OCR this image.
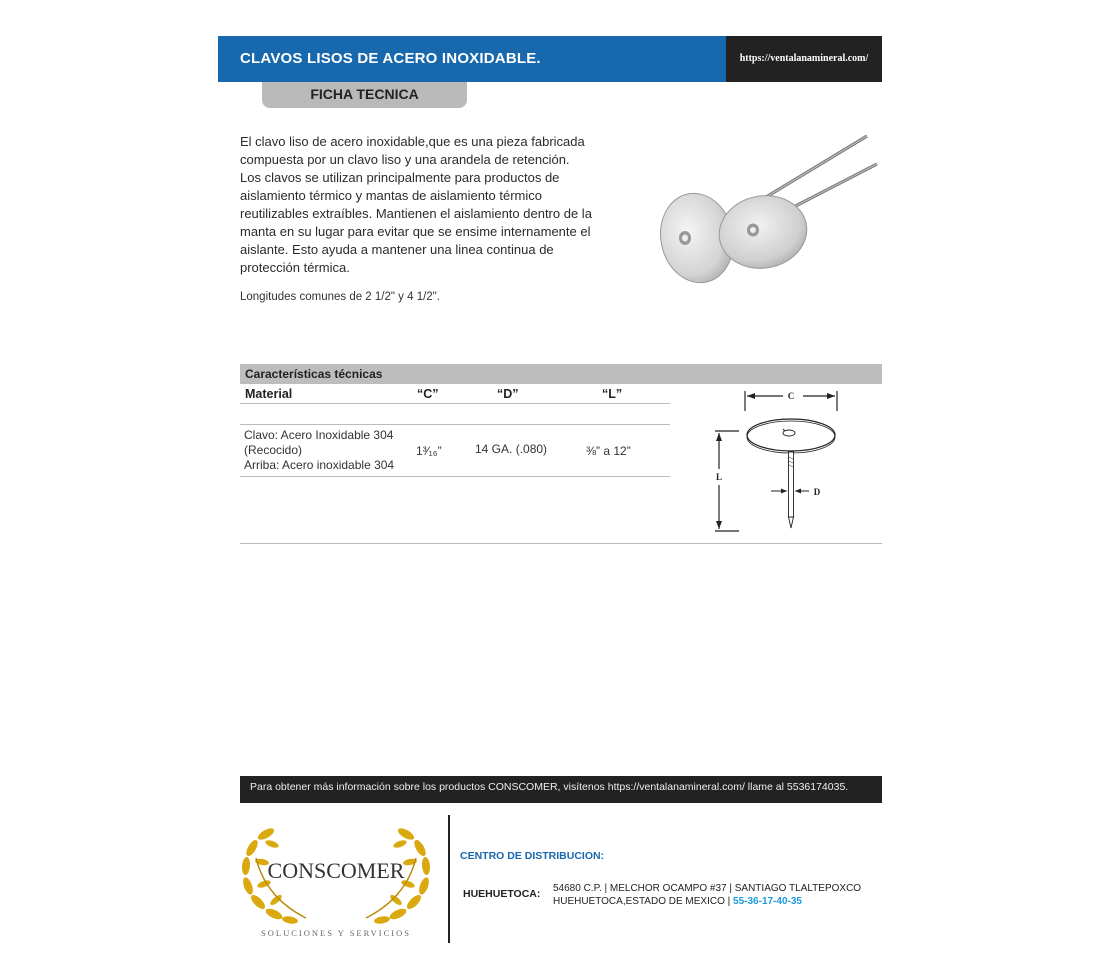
CLAVOS LISOS DE ACERO INOXIDABLE.	https://ventalanamineral.com/
FICHA TECNICA
El clavo liso de acero inoxidable,que es una pieza fabricada
compuesta por un clavo liso y una arandela de retención.
Los clavos se utilizan principalmente para productos de
aislamiento térmico y mantas de aislamiento térmico
reutilizables extraíbles. Mantienen el aislamiento dentro de la
manta en su lugar para evitar que se ensime internamente el
aislante. Esto ayuda a mantener una linea continua de
protección térmica.
Longitudes comunes de 2 1/2" y 4 1/2".
Características técnicas
Material	“C”	“D”	“L”
Clavo: Acero Inoxidable 304
(Recocido)
Arriba: Acero inoxidable 304
1³⁄₁₆”	14 GA. (.080)	⅜” a 12”
C
L
D
Para obtener más información sobre los productos CONSCOMER, visítenos https://ventalanamineral.com/ llame al 5536174035.
CONSCOMER
SOLUCIONES Y SERVICIOS
CENTRO DE DISTRIBUCION:
HUEHUETOCA: 54680 C.P. | MELCHOR OCAMPO #37 | SANTIAGO TLALTEPOXCO
HUEHUETOCA,ESTADO DE MEXICO | 55-36-17-40-35
